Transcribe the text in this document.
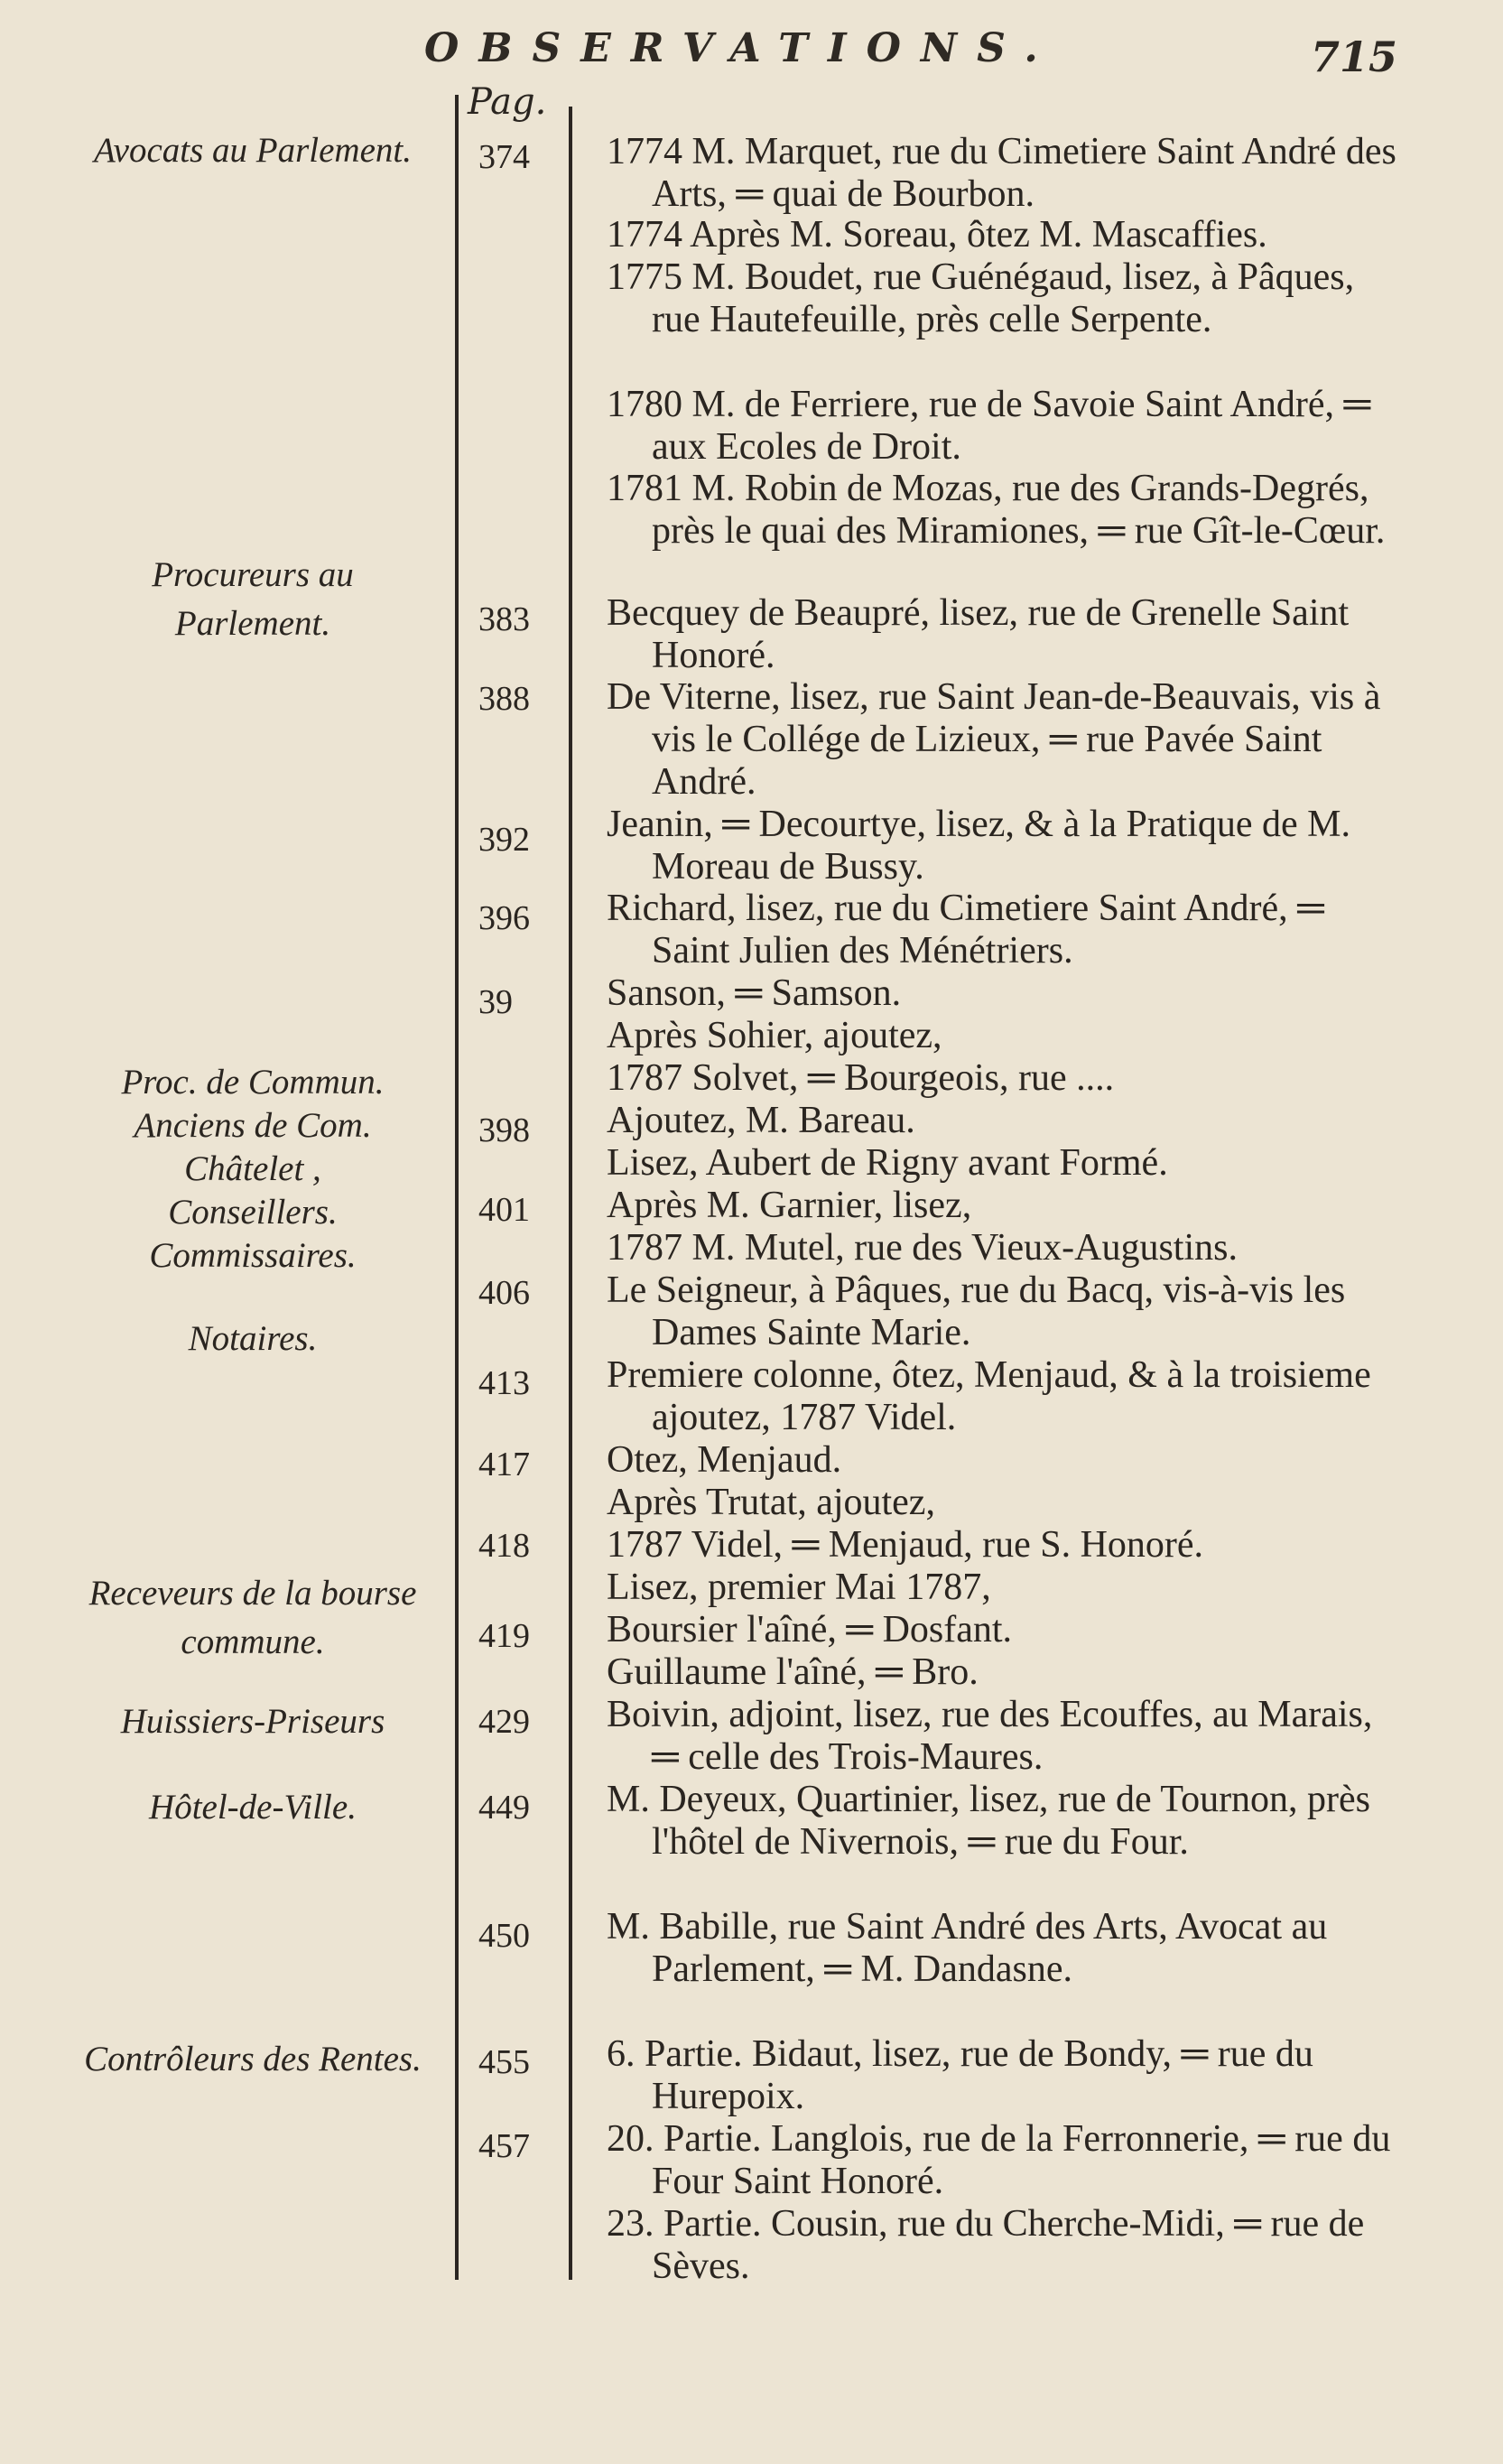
OBSERVATIONS.	715
Pag.
Avocats au Parlement.
Procureurs au Parlement.
Proc. de Commun.
Anciens de Com.
Châtelet ,
Conseillers.
Commissaires.
Notaires.
Receveurs de la bourse commune.
Huissiers-Priseurs
Hôtel-de-Ville.
Contrôleurs des Rentes.
374
383
388
392
396
39
398
401
406
413
417
418
419
429
449
450
455
457
1774 M. Marquet, rue du Cimetiere Saint André des Arts, ═ quai de Bourbon.
1774 Après M. Soreau, ôtez M. Mascaffies.
1775 M. Boudet, rue Guénégaud, lisez, à Pâques, rue Hautefeuille, près celle Serpente.
1780 M. de Ferriere, rue de Savoie Saint André, ═ aux Ecoles de Droit.
1781 M. Robin de Mozas, rue des Grands-Degrés, près le quai des Miramiones, ═ rue Gît-le-Cœur.
Becquey de Beaupré, lisez, rue de Grenelle Saint Honoré.
De Viterne, lisez, rue Saint Jean-de-Beauvais, vis à vis le Collége de Lizieux, ═ rue Pavée Saint André.
Jeanin, ═ Decourtye, lisez, & à la Pratique de M. Moreau de Bussy.
Richard, lisez, rue du Cimetiere Saint André, ═ Saint Julien des Ménétriers.
Sanson, ═ Samson.
Après Sohier, ajoutez,
1787 Solvet, ═ Bourgeois, rue ....
Ajoutez, M. Bareau.
Lisez, Aubert de Rigny avant Formé.
Après M. Garnier, lisez,
1787 M. Mutel, rue des Vieux-Augustins.
Le Seigneur, à Pâques, rue du Bacq, vis-à-vis les Dames Sainte Marie.
Premiere colonne, ôtez, Menjaud, & à la troisieme ajoutez, 1787 Videl.
Otez, Menjaud.
Après Trutat, ajoutez,
1787 Videl, ═ Menjaud, rue S. Honoré.
Lisez, premier Mai 1787,
Boursier l'aîné, ═ Dosfant.
Guillaume l'aîné, ═ Bro.
Boivin, adjoint, lisez, rue des Ecouffes, au Marais, ═ celle des Trois-Maures.
M. Deyeux, Quartinier, lisez, rue de Tournon, près l'hôtel de Nivernois, ═ rue du Four.
M. Babille, rue Saint André des Arts, Avocat au Parlement, ═ M. Dandasne.
6. Partie. Bidaut, lisez, rue de Bondy, ═ rue du Hurepoix.
20. Partie. Langlois, rue de la Ferronnerie, ═ rue du Four Saint Honoré.
23. Partie. Cousin, rue du Cherche-Midi, ═ rue de Sèves.
